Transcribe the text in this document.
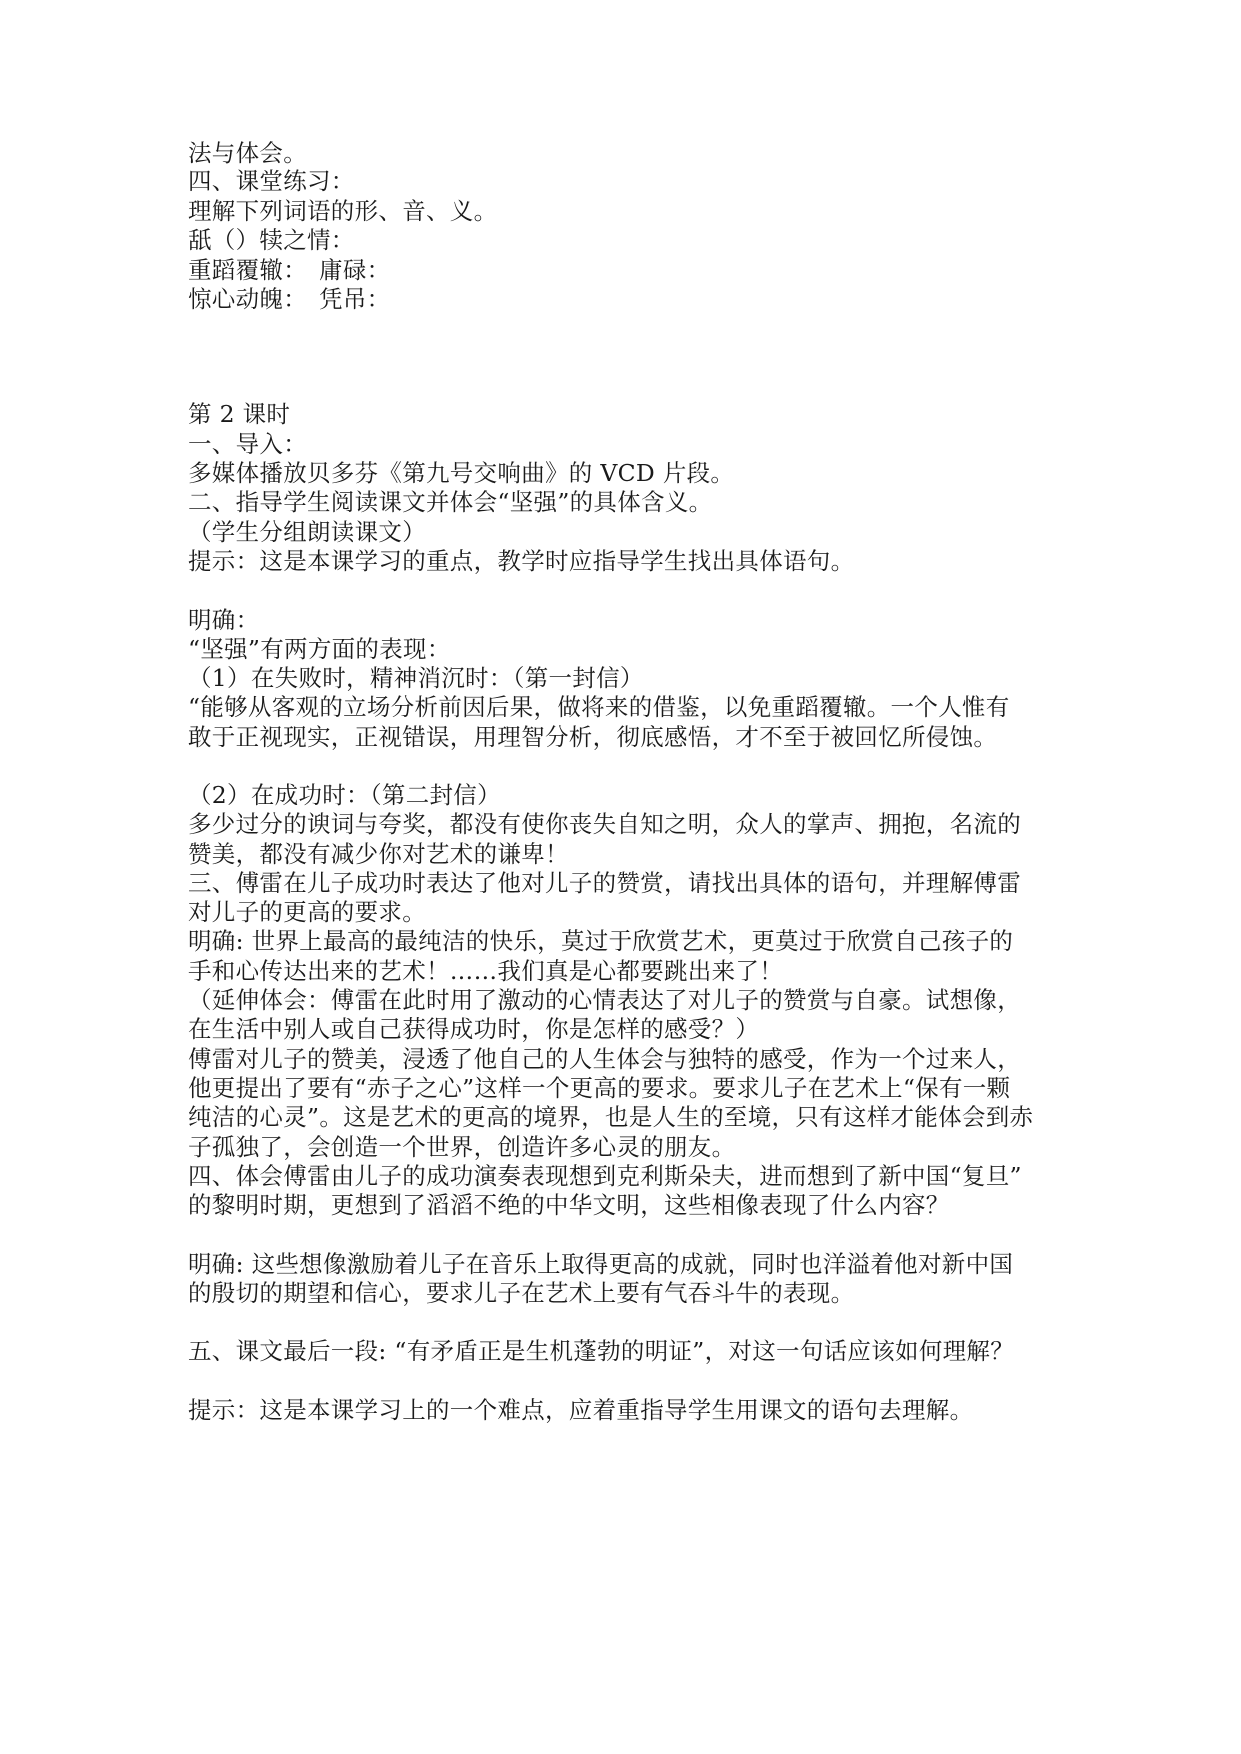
法与体会。
四、课堂练习：
理解下列词语的形、音、义。
舐（）犊之情：
重蹈覆辙：　庸碌：
惊心动魄：　凭吊：
第 2 课时
一、导入：
多媒体播放贝多芬《第九号交响曲》的 VCD 片段。
二、指导学生阅读课文并体会“坚强”的具体含义。
（学生分组朗读课文）
提示：这是本课学习的重点，教学时应指导学生找出具体语句。
明确：
“坚强”有两方面的表现：
（1）在失败时，精神消沉时：（第一封信）
“能够从客观的立场分析前因后果，做将来的借鉴，以免重蹈覆辙。一个人惟有
敢于正视现实，正视错误，用理智分析，彻底感悟，才不至于被回忆所侵蚀。
（2）在成功时：（第二封信）
多少过分的谀词与夸奖，都没有使你丧失自知之明，众人的掌声、拥抱，名流的
赞美，都没有减少你对艺术的谦卑！
三、傅雷在儿子成功时表达了他对儿子的赞赏，请找出具体的语句，并理解傅雷
对儿子的更高的要求。
明确: 世界上最高的最纯洁的快乐，莫过于欣赏艺术，更莫过于欣赏自己孩子的
手和心传达出来的艺术！……我们真是心都要跳出来了！
（延伸体会：傅雷在此时用了激动的心情表达了对儿子的赞赏与自豪。试想像，
在生活中别人或自己获得成功时，你是怎样的感受？）
傅雷对儿子的赞美，浸透了他自己的人生体会与独特的感受，作为一个过来人，
他更提出了要有“赤子之心”这样一个更高的要求。要求儿子在艺术上“保有一颗
纯洁的心灵”。这是艺术的更高的境界，也是人生的至境，只有这样才能体会到赤
子孤独了，会创造一个世界，创造许多心灵的朋友。
四、体会傅雷由儿子的成功演奏表现想到克利斯朵夫，进而想到了新中国“复旦”
的黎明时期，更想到了滔滔不绝的中华文明，这些相像表现了什么内容？
明确: 这些想像激励着儿子在音乐上取得更高的成就，同时也洋溢着他对新中国
的殷切的期望和信心，要求儿子在艺术上要有气吞斗牛的表现。
五、课文最后一段: “有矛盾正是生机蓬勃的明证”，对这一句话应该如何理解？
提示：这是本课学习上的一个难点，应着重指导学生用课文的语句去理解。
